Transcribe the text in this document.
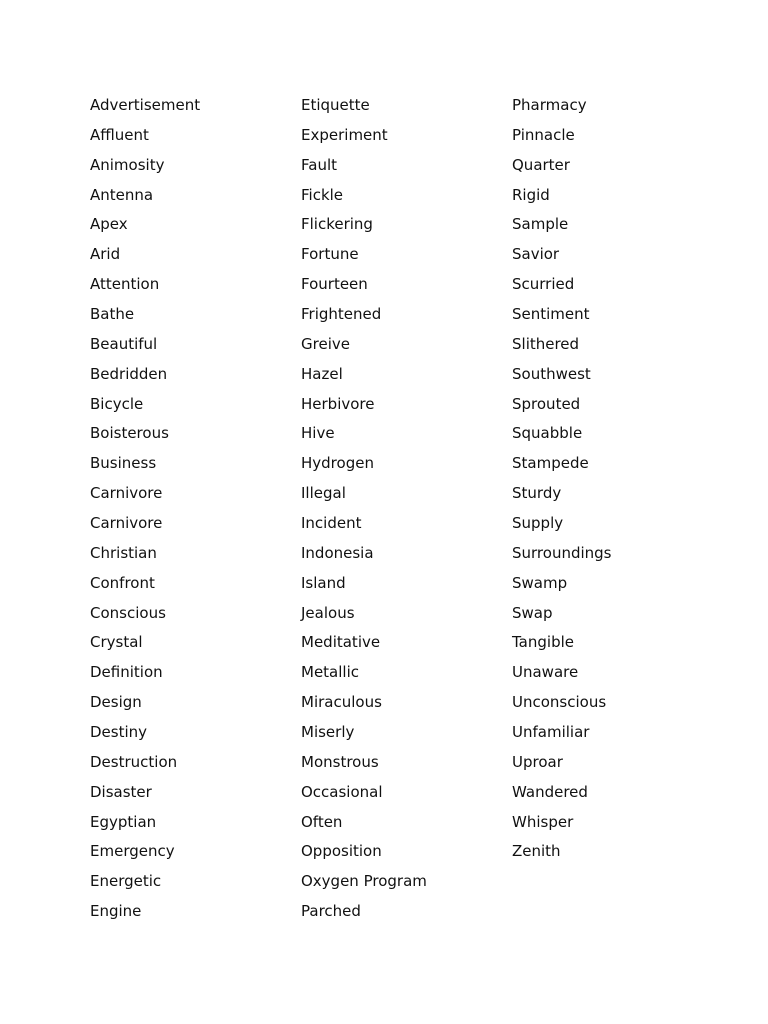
Advertisement
Affluent
Animosity
Antenna
Apex
Arid
Attention
Bathe
Beautiful
Bedridden
Bicycle
Boisterous
Business
Carnivore
Carnivore
Christian
Confront
Conscious
Crystal
Definition
Design
Destiny
Destruction
Disaster
Egyptian
Emergency
Energetic
Engine
Etiquette
Experiment
Fault
Fickle
Flickering
Fortune
Fourteen
Frightened
Greive
Hazel
Herbivore
Hive
Hydrogen
Illegal
Incident
Indonesia
Island
Jealous
Meditative
Metallic
Miraculous
Miserly
Monstrous
Occasional
Often
Opposition
Oxygen Program
Parched
Pharmacy
Pinnacle
Quarter
Rigid
Sample
Savior
Scurried
Sentiment
Slithered
Southwest
Sprouted
Squabble
Stampede
Sturdy
Supply
Surroundings
Swamp
Swap
Tangible
Unaware
Unconscious
Unfamiliar
Uproar
Wandered
Whisper
Zenith
